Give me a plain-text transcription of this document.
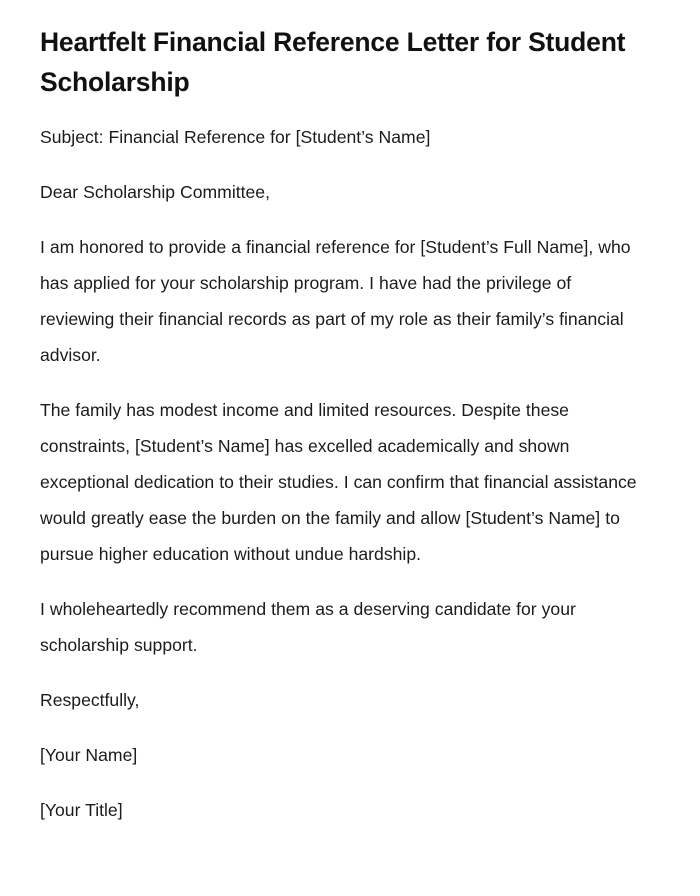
Heartfelt Financial Reference Letter for Student Scholarship

Subject: Financial Reference for [Student’s Name]

Dear Scholarship Committee,

I am honored to provide a financial reference for [Student’s Full Name], who has applied for your scholarship program. I have had the privilege of reviewing their financial records as part of my role as their family’s financial advisor.

The family has modest income and limited resources. Despite these constraints, [Student’s Name] has excelled academically and shown exceptional dedication to their studies. I can confirm that financial assistance would greatly ease the burden on the family and allow [Student’s Name] to pursue higher education without undue hardship.

I wholeheartedly recommend them as a deserving candidate for your scholarship support.

Respectfully,

[Your Name]

[Your Title]
